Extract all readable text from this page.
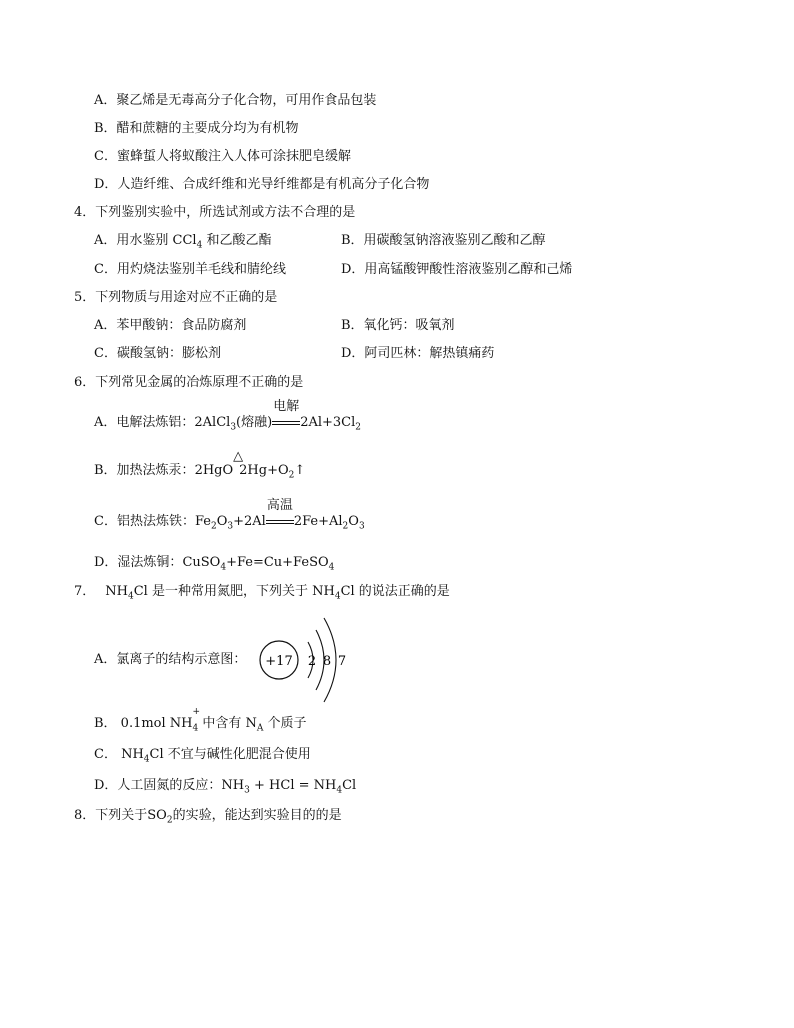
A．聚乙烯是无毒高分子化合物，可用作食品包装
B．醋和蔗糖的主要成分均为有机物
C．蜜蜂蜇人将蚁酸注入人体可涂抹肥皂缓解
D．人造纤维、合成纤维和光导纤维都是有机高分子化合物
4．下列鉴别实验中，所选试剂或方法不合理的是
A．用水鉴别 CCl$_4$ 和乙酸乙酯	B．用碳酸氢钠溶液鉴别乙酸和乙醇
C．用灼烧法鉴别羊毛线和腈纶线	D．用高锰酸钾酸性溶液鉴别乙醇和己烯
5．下列物质与用途对应不正确的是
A．苯甲酸钠：食品防腐剂	B．氧化钙：吸氧剂
C．碳酸氢钠：膨松剂	D．阿司匹林：解热镇痛药
6．下列常见金属的冶炼原理不正确的是
A．电解法炼铝：2AlCl$_3$(熔融)
电解
$2Al+3Cl_2$
B．加热法炼汞：2HgO
△
$2Hg+O_2↑$
C．铝热法炼铁：$Fe_2O_3+2Al$
高温
$2Fe+Al_2O_3$
D．湿法炼铜：CuSO$_4$+Fe=Cu+FeSO$_4$
7． $NH_4Cl$ 是一种常用氮肥，下列关于 $NH_4Cl$ 的说法正确的是
A．氯离子的结构示意图： +17 2 8 7
B． 0.1mol NH
+
$_4$ 中含有 $N_A$ 个质子
C． $NH_4Cl$ 不宜与碱性化肥混合使用
D．人工固氮的反应：$NH_3$ + HCl = $NH_4Cl$
8．下列关于$SO_2$的实验，能达到实验目的的是
